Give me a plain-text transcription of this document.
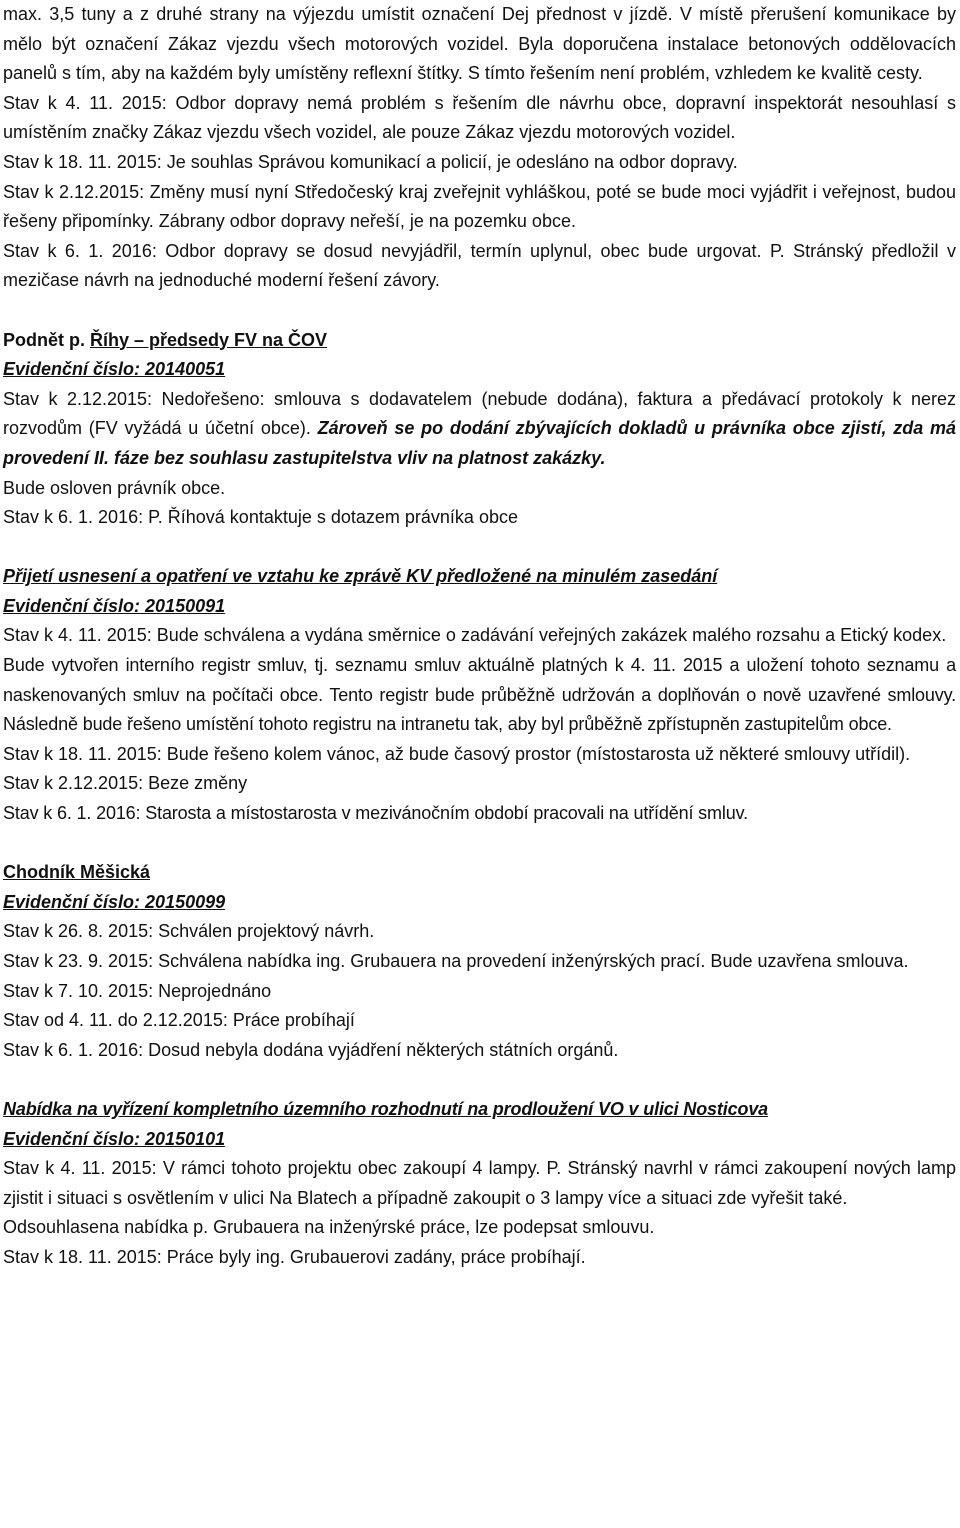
max. 3,5 tuny a z druhé strany na výjezdu umístit označení Dej přednost v jízdě. V místě přerušení komunikace by mělo být označení Zákaz vjezdu všech motorových vozidel. Byla doporučena instalace betonových oddělovacích panelů s tím, aby na každém byly umístěny reflexní štítky. S tímto řešením není problém, vzhledem ke kvalitě cesty.

Stav k 4. 11. 2015: Odbor dopravy nemá problém s řešením dle návrhu obce, dopravní inspektorát nesouhlasí s umístěním značky Zákaz vjezdu všech vozidel, ale pouze Zákaz vjezdu motorových vozidel.

Stav k 18. 11. 2015: Je souhlas Správou komunikací a policií, je odesláno na odbor dopravy.

Stav k 2.12.2015: Změny musí nyní Středočeský kraj zveřejnit vyhláškou, poté se bude moci vyjádřit i veřejnost, budou řešeny připomínky. Zábrany odbor dopravy neřeší, je na pozemku obce.

Stav k 6. 1. 2016: Odbor dopravy se dosud nevyjádřil, termín uplynul, obec bude urgovat. P. Stránský předložil v mezičase návrh na jednoduché moderní řešení závory.

Podnět p. Říhy – předsedy FV na ČOV

Evidenční číslo: 20140051

Stav k 2.12.2015: Nedořešeno: smlouva s dodavatelem (nebude dodána), faktura a předávací protokoly k nerez rozvodům (FV vyžádá u účetní obce). Zároveň se po dodání zbývajících dokladů u právníka obce zjistí, zda má provedení II. fáze bez souhlasu zastupitelstva vliv na platnost zakázky.

Bude osloven právník obce.

Stav k 6. 1. 2016: P. Říhová kontaktuje s dotazem právníka obce

Přijetí usnesení a opatření ve vztahu ke zprávě KV předložené na minulém zasedání

Evidenční číslo: 20150091

Stav k 4. 11. 2015: Bude schválena a vydána směrnice o zadávání veřejných zakázek malého rozsahu a Etický kodex.

Bude vytvořen interního registr smluv, tj. seznamu smluv aktuálně platných k 4. 11. 2015 a uložení tohoto seznamu a naskenovaných smluv na počítači obce. Tento registr bude průběžně udržován a doplňován o nově uzavřené smlouvy. Následně bude řešeno umístění tohoto registru na intranetu tak, aby byl průběžně zpřístupněn zastupitelům obce.

Stav k 18. 11. 2015: Bude řešeno kolem vánoc, až bude časový prostor (místostarosta už některé smlouvy utřídil).

Stav k 2.12.2015: Beze změny

Stav k 6. 1. 2016: Starosta a místostarosta v mezivánočním období pracovali na utřídění smluv.

Chodník Měšická

Evidenční číslo: 20150099

Stav k 26. 8. 2015: Schválen projektový návrh.

Stav k 23. 9. 2015: Schválena nabídka ing. Grubauera na provedení inženýrských prací. Bude uzavřena smlouva.

Stav k 7. 10. 2015: Neprojednáno

Stav od 4. 11. do 2.12.2015: Práce probíhají

Stav k 6. 1. 2016: Dosud nebyla dodána vyjádření některých státních orgánů.

Nabídka na vyřízení kompletního územního rozhodnutí na prodloužení VO v ulici Nosticova

Evidenční číslo: 20150101

Stav k 4. 11. 2015: V rámci tohoto projektu obec zakoupí 4 lampy. P. Stránský navrhl v rámci zakoupení nových lamp zjistit i situaci s osvětlením v ulici Na Blatech a případně zakoupit o 3 lampy více a situaci zde vyřešit také.

Odsouhlasena nabídka p. Grubauera na inženýrské práce, lze podepsat smlouvu.

Stav k 18. 11. 2015: Práce byly ing. Grubauerovi zadány, práce probíhají.
